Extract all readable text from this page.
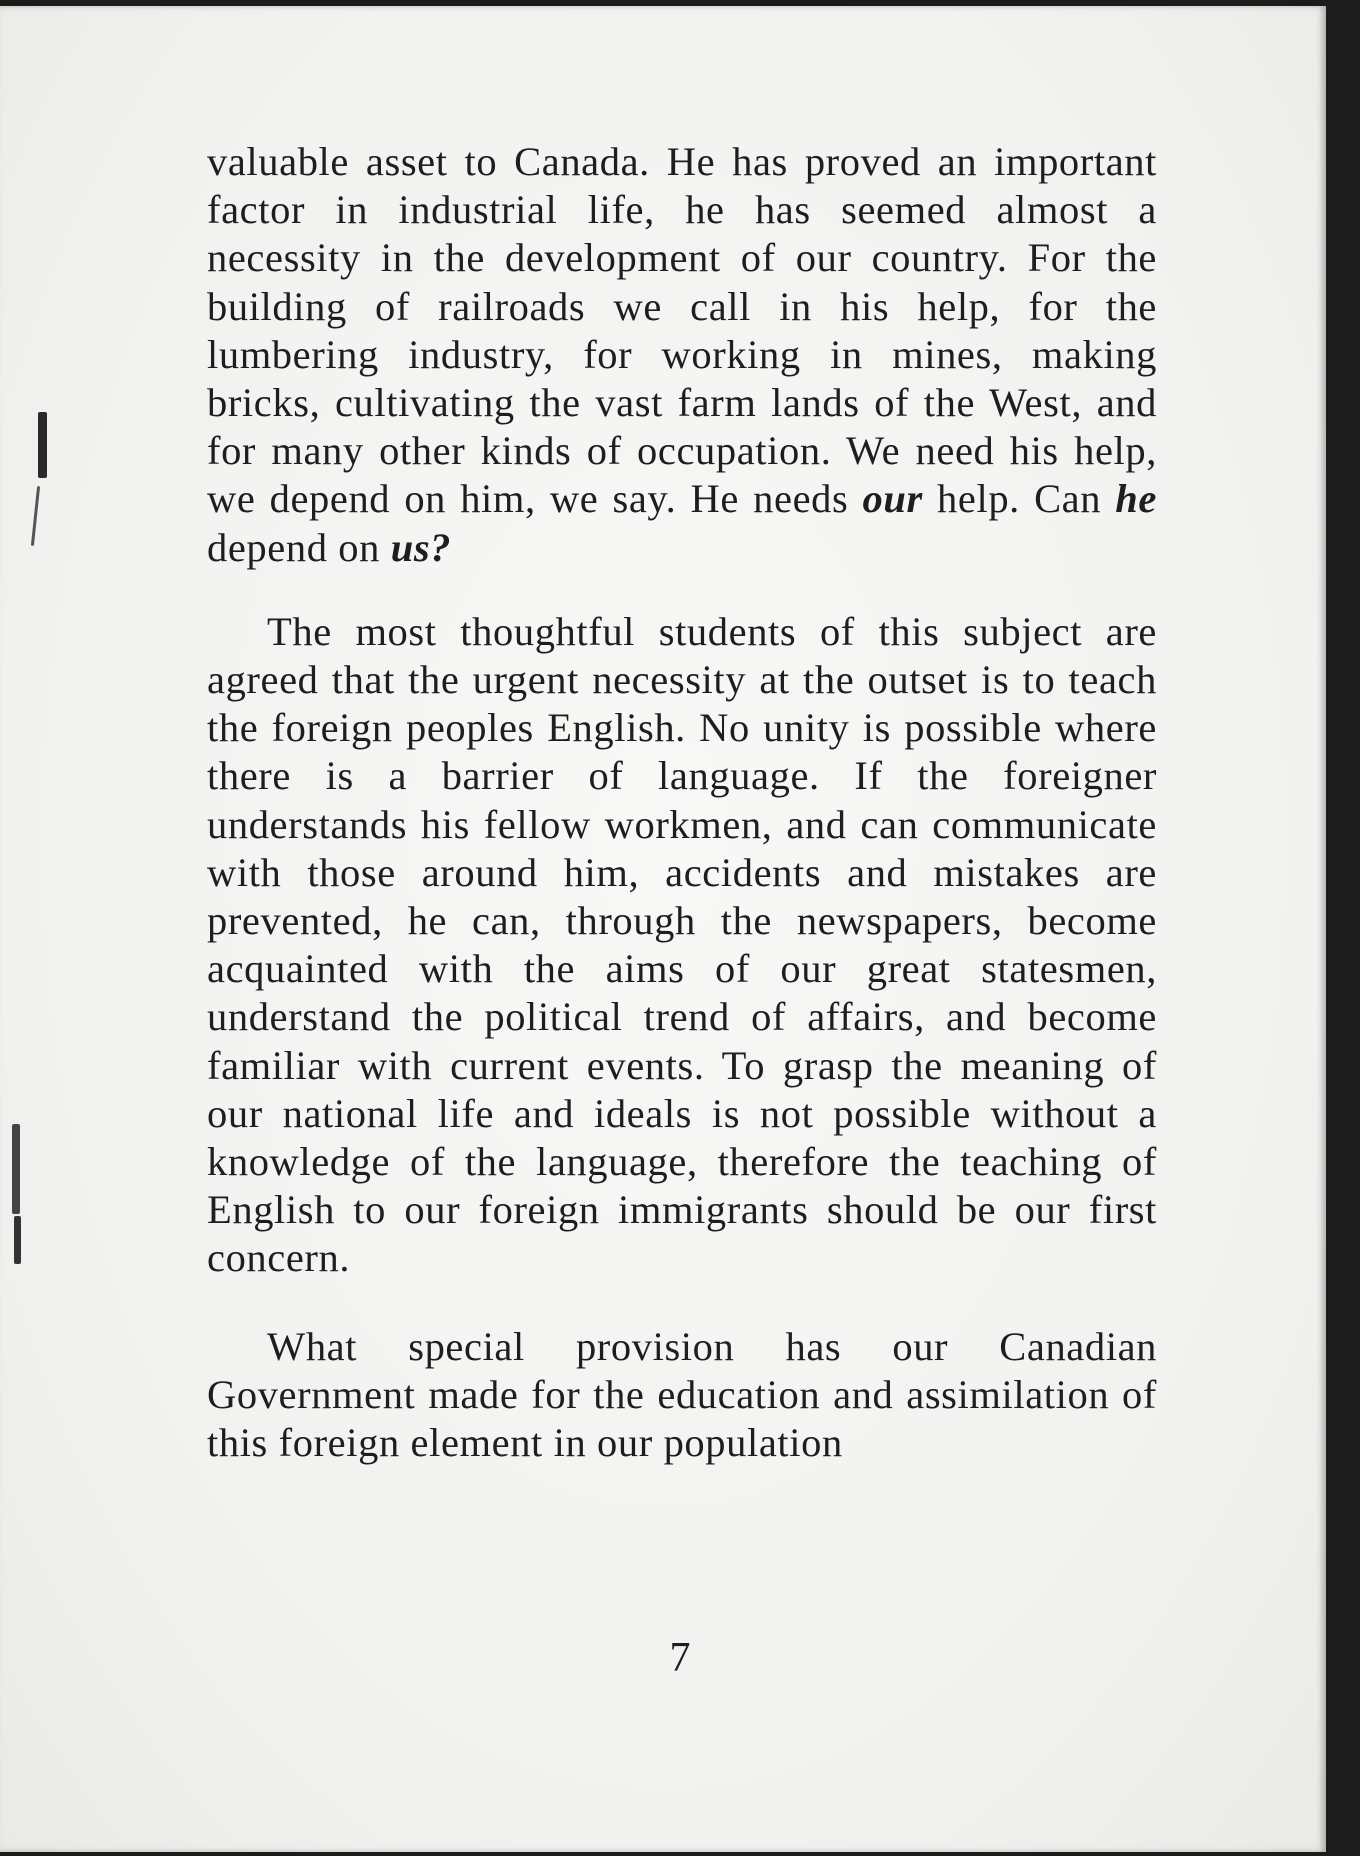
valuable asset to Canada. He has proved an important factor in industrial life, he has seemed almost a necessity in the development of our country. For the building of railroads we call in his help, for the lumbering industry, for working in mines, making bricks, cultivating the vast farm lands of the West, and for many other kinds of occupation. We need his help, we depend on him, we say. He needs our help. Can he depend on us?

The most thoughtful students of this subject are agreed that the urgent necessity at the outset is to teach the foreign peoples English. No unity is possible where there is a barrier of language. If the foreigner understands his fellow workmen, and can communicate with those around him, accidents and mistakes are prevented, he can, through the newspapers, become acquainted with the aims of our great statesmen, understand the political trend of affairs, and become familiar with current events. To grasp the meaning of our national life and ideals is not possible without a knowledge of the language, therefore the teaching of English to our foreign immigrants should be our first concern.

What special provision has our Canadian Government made for the education and assimilation of this foreign element in our population

7
